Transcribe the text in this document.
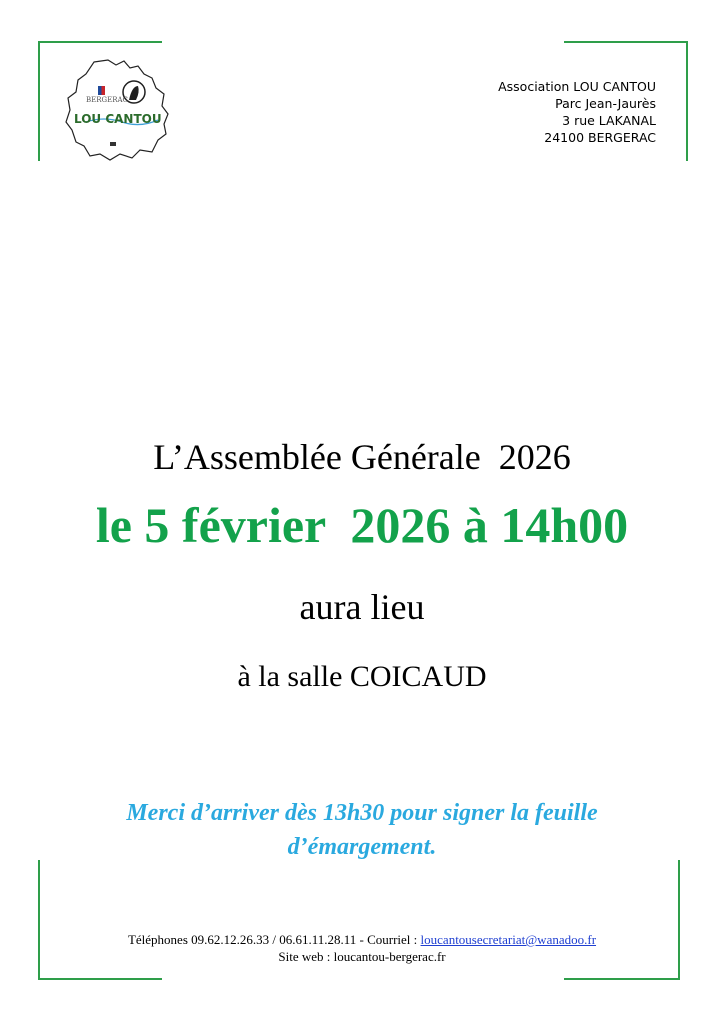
BERGERAC
LOU CANTOU
Association LOU CANTOU
Parc Jean-Jaurès
3 rue LAKANAL
24100 BERGERAC

L’Assemblée Générale  2026

aura lieu

le 5 février  2026 à 14h00
à la salle COICAUD
Merci d’arriver dès 13h30 pour signer la feuille
d’émargement.
Téléphones 09.62.12.26.33 / 06.61.11.28.11 - Courriel : loucantousecretariat@wanadoo.fr
Site web : loucantou-bergerac.fr
